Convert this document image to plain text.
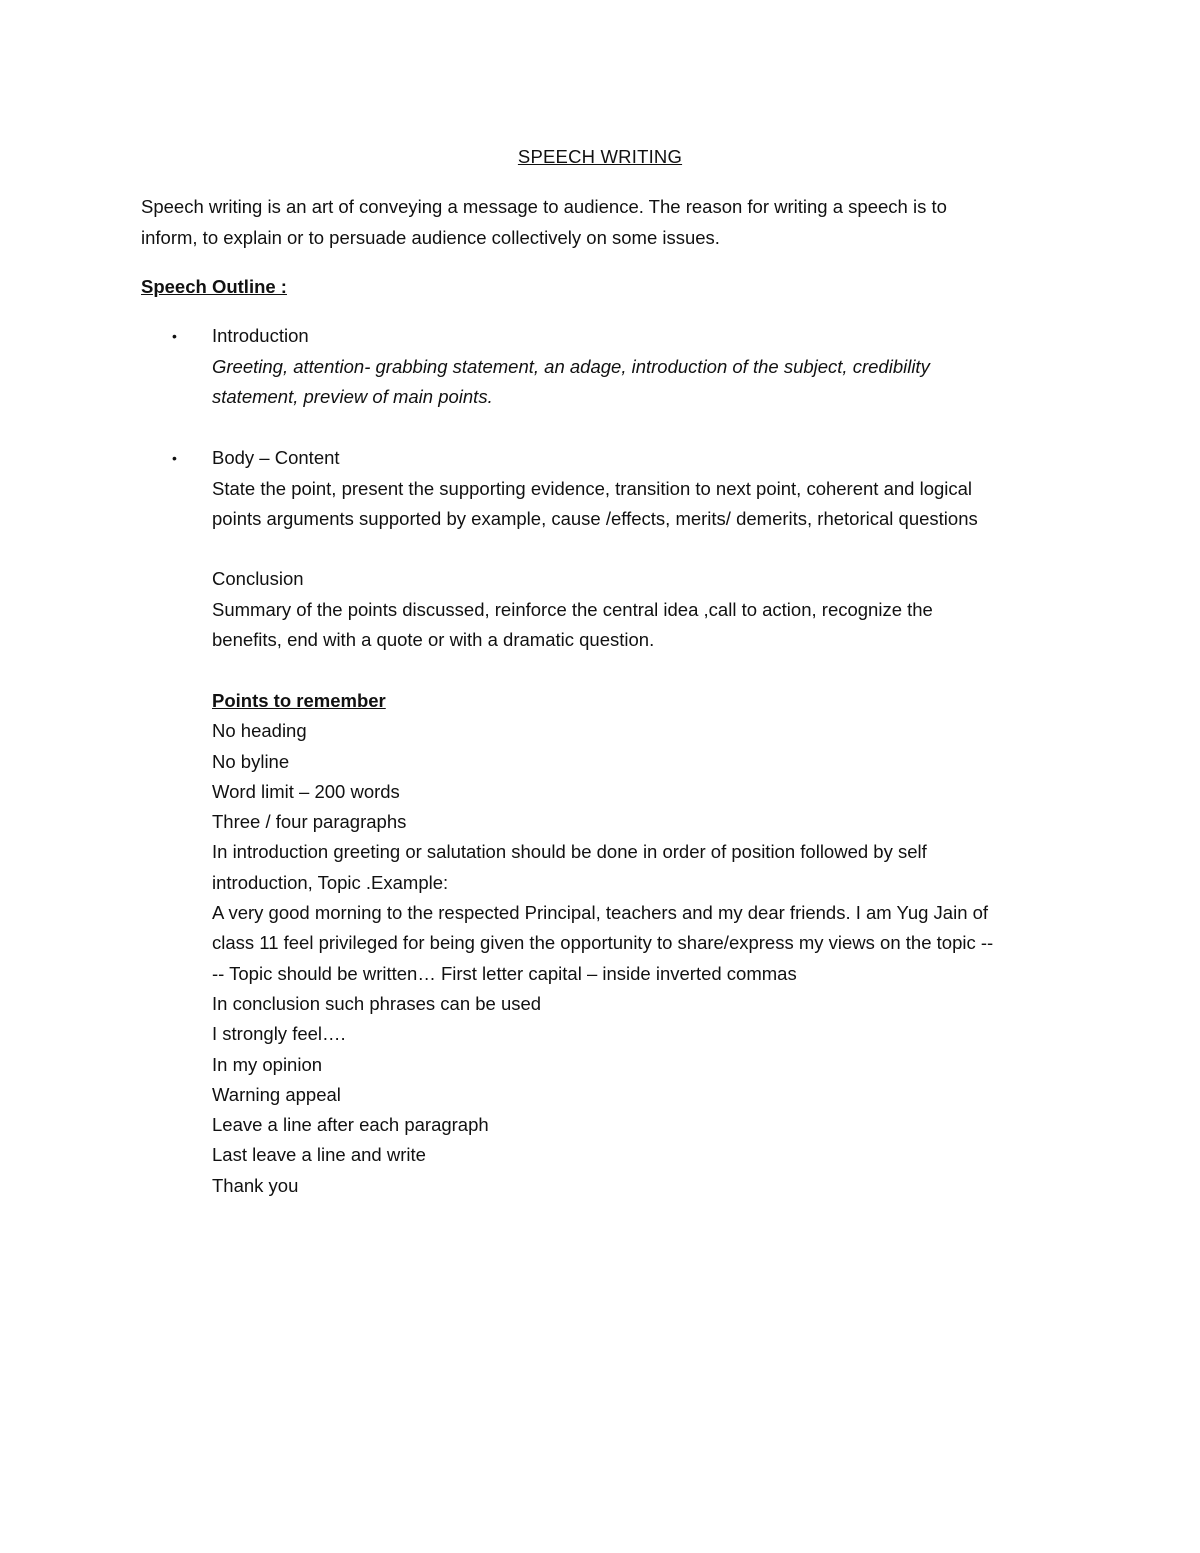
SPEECH WRITING
Speech writing is an art of conveying a message to audience. The reason for writing a speech is to
inform, to explain or to persuade audience collectively on some issues.
Speech Outline :
• Introduction
Greeting, attention- grabbing statement, an adage, introduction of the subject, credibility
statement, preview of main points.
• Body – Content
State the point, present the supporting evidence, transition to next point, coherent and logical
points arguments supported by example, cause /effects, merits/ demerits, rhetorical questions
Conclusion
Summary of the points discussed, reinforce the central idea ,call to action, recognize the
benefits, end with a quote or with a dramatic question.
Points to remember
No heading
No byline
Word limit – 200 words
Three / four paragraphs
In introduction greeting or salutation should be done in order of position followed by self
introduction, Topic .Example:
A very good morning to the respected Principal, teachers and my dear friends. I am Yug Jain of
class 11 feel privileged for being given the opportunity to share/express my views on the topic --
-- Topic should be written… First letter capital – inside inverted commas
In conclusion such phrases can be used
I strongly feel….
In my opinion
Warning appeal
Leave a line after each paragraph
Last leave a line and write
Thank you
